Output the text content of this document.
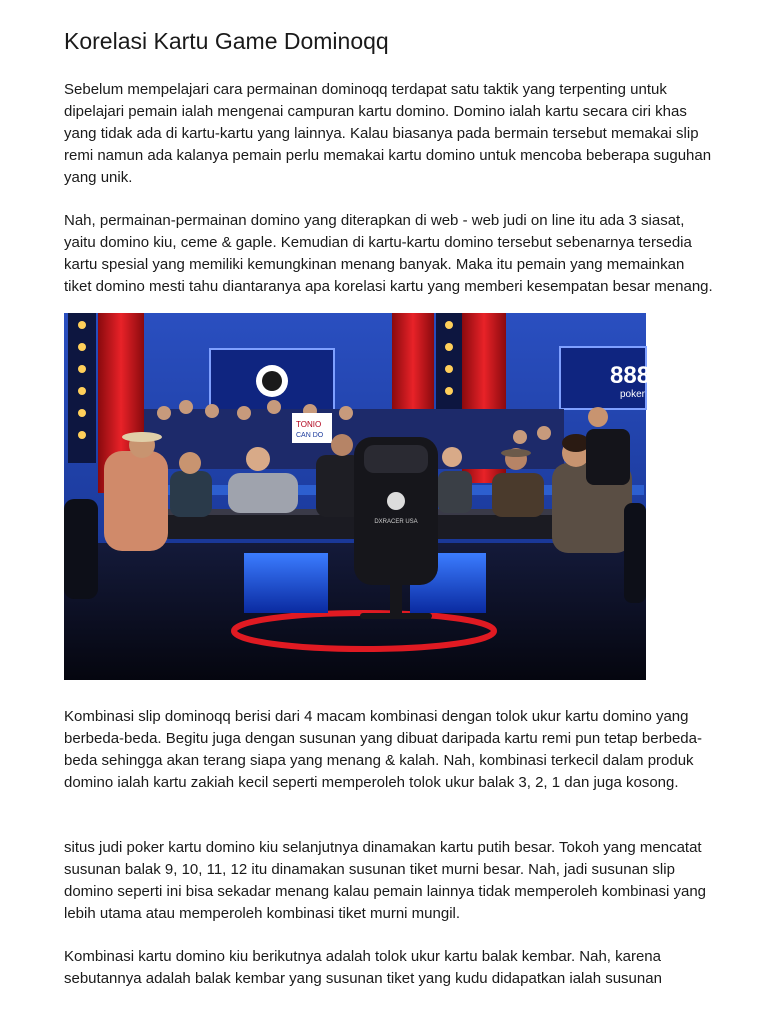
Korelasi Kartu Game Dominoqq

Sebelum mempelajari cara permainan dominoqq terdapat satu taktik yang terpenting untuk dipelajari pemain ialah mengenai campuran kartu domino. Domino ialah kartu secara ciri khas yang tidak ada di kartu-kartu yang lainnya. Kalau biasanya pada bermain tersebut memakai slip remi namun ada kalanya pemain perlu memakai kartu domino untuk mencoba beberapa suguhan yang unik.

Nah, permainan-permainan domino yang diterapkan di web - web judi on line itu ada 3 siasat, yaitu domino kiu, ceme & gaple. Kemudian di kartu-kartu domino tersebut sebenarnya tersedia kartu spesial yang memiliki kemungkinan menang banyak. Maka itu pemain yang memainkan tiket domino mesti tahu diantaranya apa korelasi kartu yang memberi kesempatan besar menang.

888
poker
TONIO
CAN DO
DXRACER USA

Kombinasi slip dominoqq berisi dari 4 macam kombinasi dengan tolok ukur kartu domino yang berbeda-beda. Begitu juga dengan susunan yang dibuat daripada kartu remi pun tetap berbeda-beda sehingga akan terang siapa yang menang & kalah. Nah, kombinasi terkecil dalam produk domino ialah kartu zakiah kecil seperti memperoleh tolok ukur balak 3, 2, 1 dan juga kosong.

situs judi poker kartu domino kiu selanjutnya dinamakan kartu putih besar. Tokoh yang mencatat susunan balak 9, 10, 11, 12 itu dinamakan susunan tiket murni besar. Nah, jadi susunan slip domino seperti ini bisa sekadar menang kalau pemain lainnya tidak memperoleh kombinasi yang lebih utama atau memperoleh kombinasi tiket murni mungil.

Kombinasi kartu domino kiu berikutnya adalah tolok ukur kartu balak kembar. Nah, karena sebutannya adalah balak kembar yang susunan tiket yang kudu didapatkan ialah susunan
